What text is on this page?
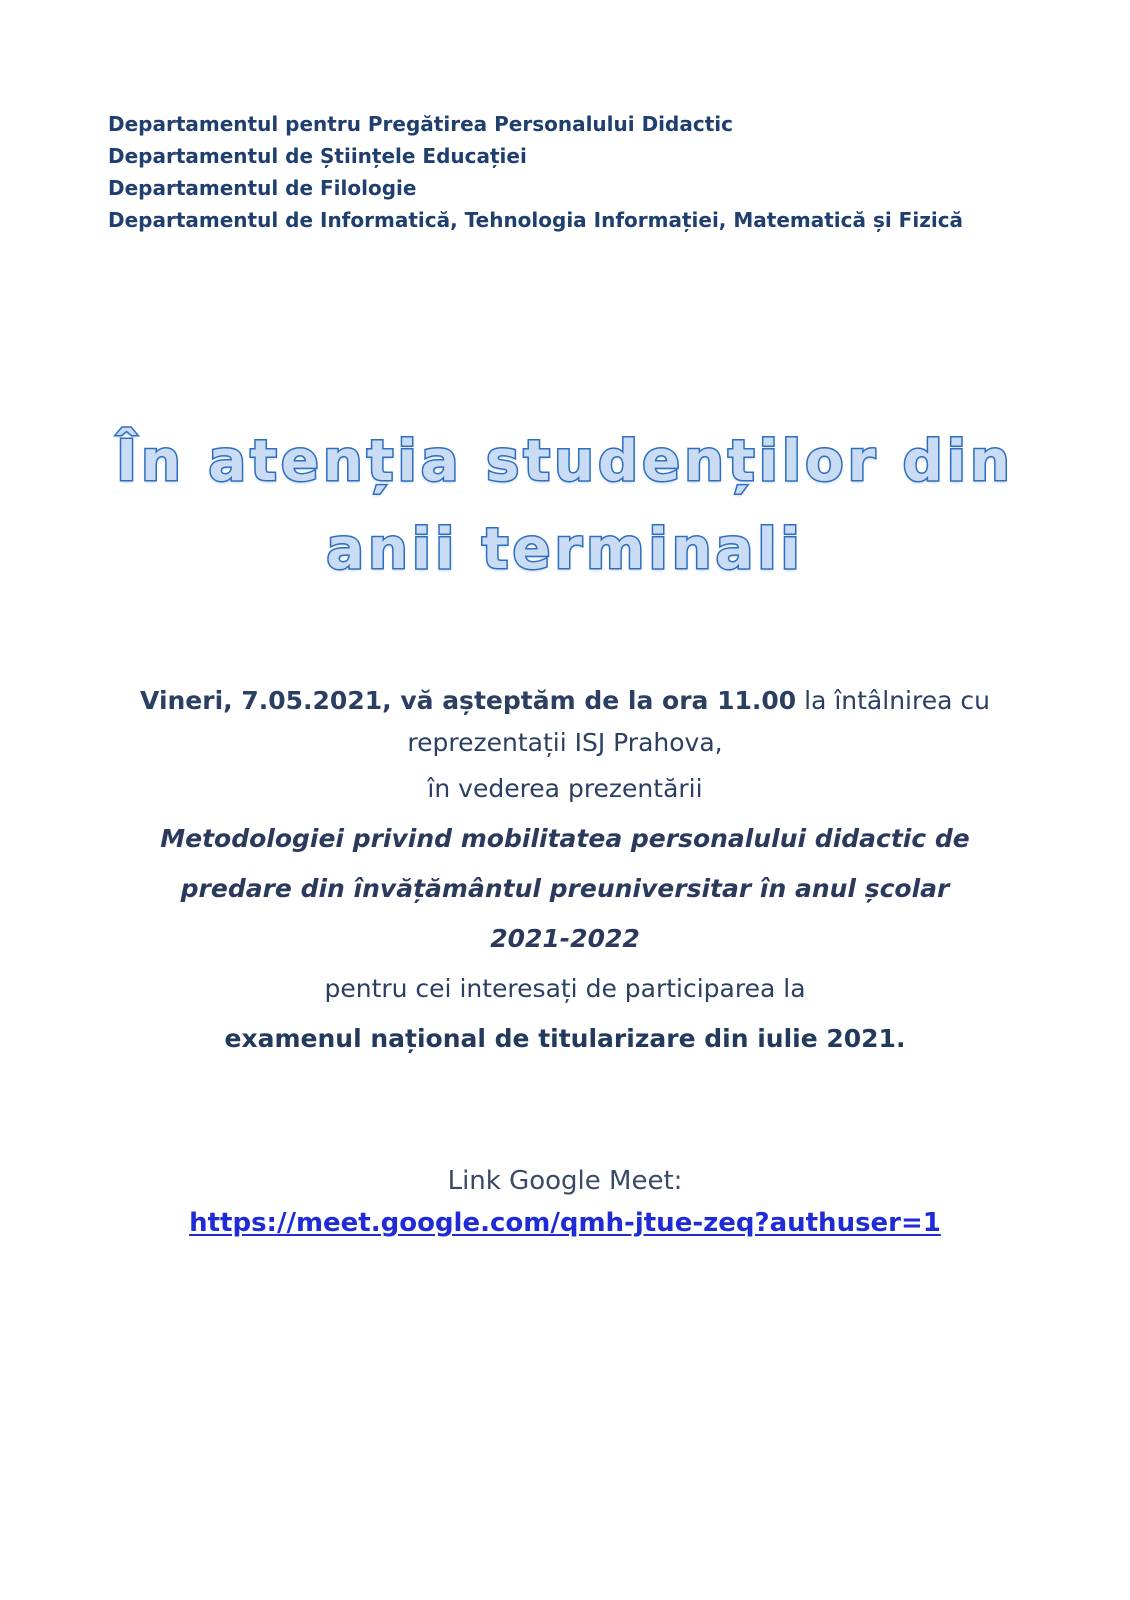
Departamentul pentru Pregătirea Personalului Didactic
Departamentul de Științele Educației
Departamentul de Filologie
Departamentul de Informatică, Tehnologia Informației, Matematică și Fizică
În atenția studenților din
anii terminali
Vineri, 7.05.2021, vă așteptăm de la ora 11.00 la întâlnirea cu
reprezentații ISJ Prahova,
în vederea prezentării
Metodologiei privind mobilitatea personalului didactic de
predare din învățământul preuniversitar în anul școlar
2021-2022
pentru cei interesați de participarea la
examenul național de titularizare din iulie 2021.
Link Google Meet:
https://meet.google.com/qmh-jtue-zeq?authuser=1
